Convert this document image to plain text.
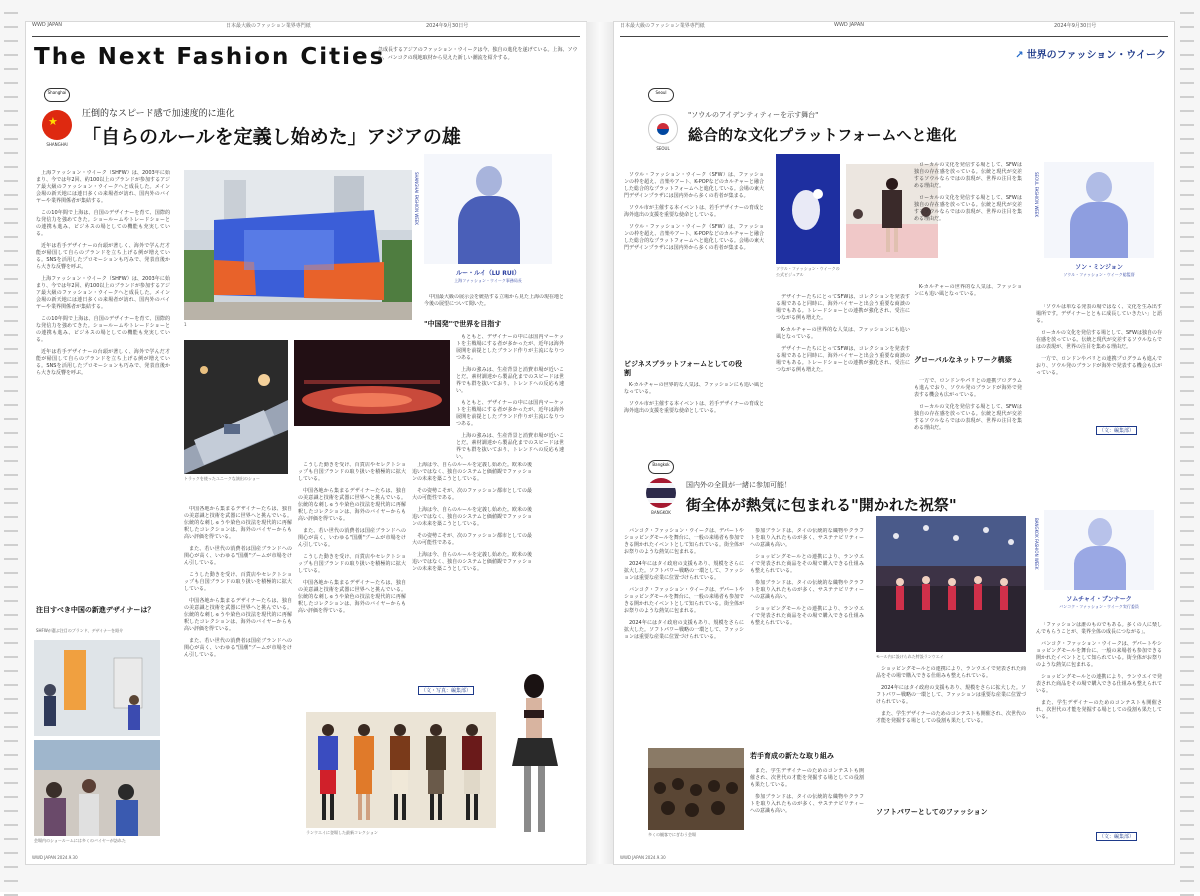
WWD JAPAN	日本最大級のファッション業界専門紙	2024年9月30日号
The Next Fashion Cities
急成長するアジアのファッション・ウイークは今、独自の進化を遂げている。上海、ソウル、バンコクの現地取材から見えた新しい潮流を紹介する。
Shanghai
★
SHANGHAI
圧倒的なスピード感で加速度的に進化
「自らのルールを定義し始めた」アジアの雄

上海ファッション・ウイーク（SHFW）は、2003年に始まり、今では年2回、約100以上のブランドが参加するアジア最大級のファッション・ウイークへと成長した。メイン会場の新天地には連日多くの来場者が訪れ、国内外のバイヤーや業界関係者が集結する。

この10年間で上海は、自国のデザイナーを育て、国際的な発信力を強めてきた。ショールームやトレードショーとの連携も進み、ビジネスの場としての機能も充実している。

近年は若手デザイナーの台頭が著しく、海外で学んだ才能が帰国して自らのブランドを立ち上げる例が増えている。SNSを活用したプロモーションも巧みで、発表直後から大きな反響を呼ぶ。

上海ファッション・ウイーク（SHFW）は、2003年に始まり、今では年2回、約100以上のブランドが参加するアジア最大級のファッション・ウイークへと成長した。メイン会場の新天地には連日多くの来場者が訪れ、国内外のバイヤーや業界関係者が集結する。

この10年間で上海は、自国のデザイナーを育て、国際的な発信力を強めてきた。ショールームやトレードショーとの連携も進み、ビジネスの場としての機能も充実している。

近年は若手デザイナーの台頭が著しく、海外で学んだ才能が帰国して自らのブランドを立ち上げる例が増えている。SNSを活用したプロモーションも巧みで、発表直後から大きな反響を呼ぶ。

注目すべき中国の新進デザイナーは？
SHFWが選ぶ注目のブランド、デザイナーを紹介
1
SHANGHAI FASHION WEEK
ルー・ルイ（LU RUI）
上海ファッション・ウイーク事務局長

中国最大級の展示会を統括する立場から見た上海の現在地と今後の展望について聞いた。

"中国発"で世界を目指す

もともと、デザイナーの中には国内マーケットを主戦場にする者が多かったが、近年は海外展開を前提としたブランド作りが主流になりつつある。

上海の強みは、生産背景と消費市場が近いことだ。素材調達から製品化までのスピードは世界でも群を抜いており、トレンドへの反応も速い。

もともと、デザイナーの中には国内マーケットを主戦場にする者が多かったが、近年は海外展開を前提としたブランド作りが主流になりつつある。

上海の強みは、生産背景と消費市場が近いことだ。素材調達から製品化までのスピードは世界でも群を抜いており、トレンドへの反応も速い。

トラックを使ったユニークな演出のショー

中国各地から集まるデザイナーたちは、独自の美意識と技術を武器に世界へと挑んでいる。伝統的な刺しゅうや染色の技法を現代的に再解釈したコレクションは、海外のバイヤーからも高い評価を得ている。

また、若い世代の消費者は国産ブランドへの関心が高く、いわゆる"国潮"ブームが市場をけん引している。

こうした動きを受け、百貨店やセレクトショップも自国ブランドの取り扱いを積極的に拡大している。

中国各地から集まるデザイナーたちは、独自の美意識と技術を武器に世界へと挑んでいる。伝統的な刺しゅうや染色の技法を現代的に再解釈したコレクションは、海外のバイヤーからも高い評価を得ている。

また、若い世代の消費者は国産ブランドへの関心が高く、いわゆる"国潮"ブームが市場をけん引している。

こうした動きを受け、百貨店やセレクトショップも自国ブランドの取り扱いを積極的に拡大している。

中国各地から集まるデザイナーたちは、独自の美意識と技術を武器に世界へと挑んでいる。伝統的な刺しゅうや染色の技法を現代的に再解釈したコレクションは、海外のバイヤーからも高い評価を得ている。

また、若い世代の消費者は国産ブランドへの関心が高く、いわゆる"国潮"ブームが市場をけん引している。

こうした動きを受け、百貨店やセレクトショップも自国ブランドの取り扱いを積極的に拡大している。

中国各地から集まるデザイナーたちは、独自の美意識と技術を武器に世界へと挑んでいる。伝統的な刺しゅうや染色の技法を現代的に再解釈したコレクションは、海外のバイヤーからも高い評価を得ている。

上海は今、自らのルールを定義し始めた。欧米の後追いではなく、独自のシステムと価値観でファッションの未来を築こうとしている。

その姿勢こそが、次のファッション都市としての最大の可能性である。

上海は今、自らのルールを定義し始めた。欧米の後追いではなく、独自のシステムと価値観でファッションの未来を築こうとしている。

その姿勢こそが、次のファッション都市としての最大の可能性である。

上海は今、自らのルールを定義し始めた。欧米の後追いではなく、独自のシステムと価値観でファッションの未来を築こうとしている。

（文・写真：編集部）
会場内のショールームには多くのバイヤーが訪れた
ランウエイに登場した最新コレクション
WWD JAPAN 2024.9.30
日本最大級のファッション業界専門紙	WWD JAPAN	2024年9月30日号
↗ 世界のファッション・ウイーク
Seoul
SEOUL
"ソウルのアイデンティティーを示す舞台"
総合的な文化プラットフォームへと進化

ソウル・ファッション・ウイーク（SFW）は、ファッションの枠を超え、音楽やアート、K-POPなどのカルチャーと融合した総合的なプラットフォームへと進化している。会場の東大門デザインプラザには国内外から多くの若者が集まる。

ソウル市が主催する本イベントは、若手デザイナーの育成と海外進出の支援を重要な使命としている。

ソウル・ファッション・ウイーク（SFW）は、ファッションの枠を超え、音楽やアート、K-POPなどのカルチャーと融合した総合的なプラットフォームへと進化している。会場の東大門デザインプラザには国内外から多くの若者が集まる。

ビジネスプラットフォームとしての役割

K-カルチャーの世界的な人気は、ファッションにも追い風となっている。

ソウル市が主催する本イベントは、若手デザイナーの育成と海外進出の支援を重要な使命としている。

ソウル・ファッション・ウイークの公式ビジュアル

デザイナーたちにとってSFWは、コレクションを発表する場であると同時に、海外バイヤーと出会う重要な商談の場でもある。トレードショーとの連携が強化され、受注につながる例も増えた。

K-カルチャーの世界的な人気は、ファッションにも追い風となっている。

デザイナーたちにとってSFWは、コレクションを発表する場であると同時に、海外バイヤーと出会う重要な商談の場でもある。トレードショーとの連携が強化され、受注につながる例も増えた。

ローカルの文化を発信する場として、SFWは独自の存在感を放っている。伝統と現代が交差するソウルならではの表現が、世界の注目を集める理由だ。

ローカルの文化を発信する場として、SFWは独自の存在感を放っている。伝統と現代が交差するソウルならではの表現が、世界の注目を集める理由だ。

K-カルチャーの世界的な人気は、ファッションにも追い風となっている。

グローバルなネットワーク構築

一方で、ロンドンやパリとの連携プログラムも進んでおり、ソウル発のブランドが海外で発表する機会も広がっている。

ローカルの文化を発信する場として、SFWは独自の存在感を放っている。伝統と現代が交差するソウルならではの表現が、世界の注目を集める理由だ。

SEOUL FASHION WEEK
ソン・ミンジョン
ソウル・ファッション・ウイーク総監督

「ソウルは単なる発表の場ではなく、文化を生み出す場所です。デザイナーとともに成長していきたい」と語る。

ローカルの文化を発信する場として、SFWは独自の存在感を放っている。伝統と現代が交差するソウルならではの表現が、世界の注目を集める理由だ。

一方で、ロンドンやパリとの連携プログラムも進んでおり、ソウル発のブランドが海外で発表する機会も広がっている。

（文：編集部）
Bangkok
BANGKOK
国内外の全員が一緒に参加可能！
街全体が熱気に包まれる"開かれた祝祭"

バンコク・ファッション・ウイークは、デパートやショッピングモールを舞台に、一般の来場者も参加できる開かれたイベントとして知られている。街全体がお祭りのような熱気に包まれる。

2024年にはタイ政府の支援もあり、規模をさらに拡大した。ソフトパワー戦略の一環として、ファッションは重要な産業に位置づけられている。

バンコク・ファッション・ウイークは、デパートやショッピングモールを舞台に、一般の来場者も参加できる開かれたイベントとして知られている。街全体がお祭りのような熱気に包まれる。

2024年にはタイ政府の支援もあり、規模をさらに拡大した。ソフトパワー戦略の一環として、ファッションは重要な産業に位置づけられている。

参加ブランドは、タイの伝統的な織物やクラフトを取り入れたものが多く、サステナビリティーへの意識も高い。

ショッピングモールとの連携により、ランウエイで発表された商品をその場で購入できる仕組みも整えられている。

参加ブランドは、タイの伝統的な織物やクラフトを取り入れたものが多く、サステナビリティーへの意識も高い。

ショッピングモールとの連携により、ランウエイで発表された商品をその場で購入できる仕組みも整えられている。

若手育成の新たな取り組み

また、学生デザイナーのためのコンテストも開催され、次世代の才能を発掘する場としての役割も果たしている。

参加ブランドは、タイの伝統的な織物やクラフトを取り入れたものが多く、サステナビリティーへの意識も高い。

モール内に設けられた特設ランウエイ

ショッピングモールとの連携により、ランウエイで発表された商品をその場で購入できる仕組みも整えられている。

2024年にはタイ政府の支援もあり、規模をさらに拡大した。ソフトパワー戦略の一環として、ファッションは重要な産業に位置づけられている。

また、学生デザイナーのためのコンテストも開催され、次世代の才能を発掘する場としての役割も果たしている。

ソフトパワーとしてのファッション
BANGKOK FASHION WEEK
ソムチャイ・ブンナーク
バンコク・ファッション・ウイーク実行委員

「ファッションは誰のものでもある。多くの人に楽しんでもらうことが、業界全体の成長につながる」。

バンコク・ファッション・ウイークは、デパートやショッピングモールを舞台に、一般の来場者も参加できる開かれたイベントとして知られている。街全体がお祭りのような熱気に包まれる。

ショッピングモールとの連携により、ランウエイで発表された商品をその場で購入できる仕組みも整えられている。

また、学生デザイナーのためのコンテストも開催され、次世代の才能を発掘する場としての役割も果たしている。

（文：編集部）
多くの観客でにぎわう会場
WWD JAPAN 2024.9.30
